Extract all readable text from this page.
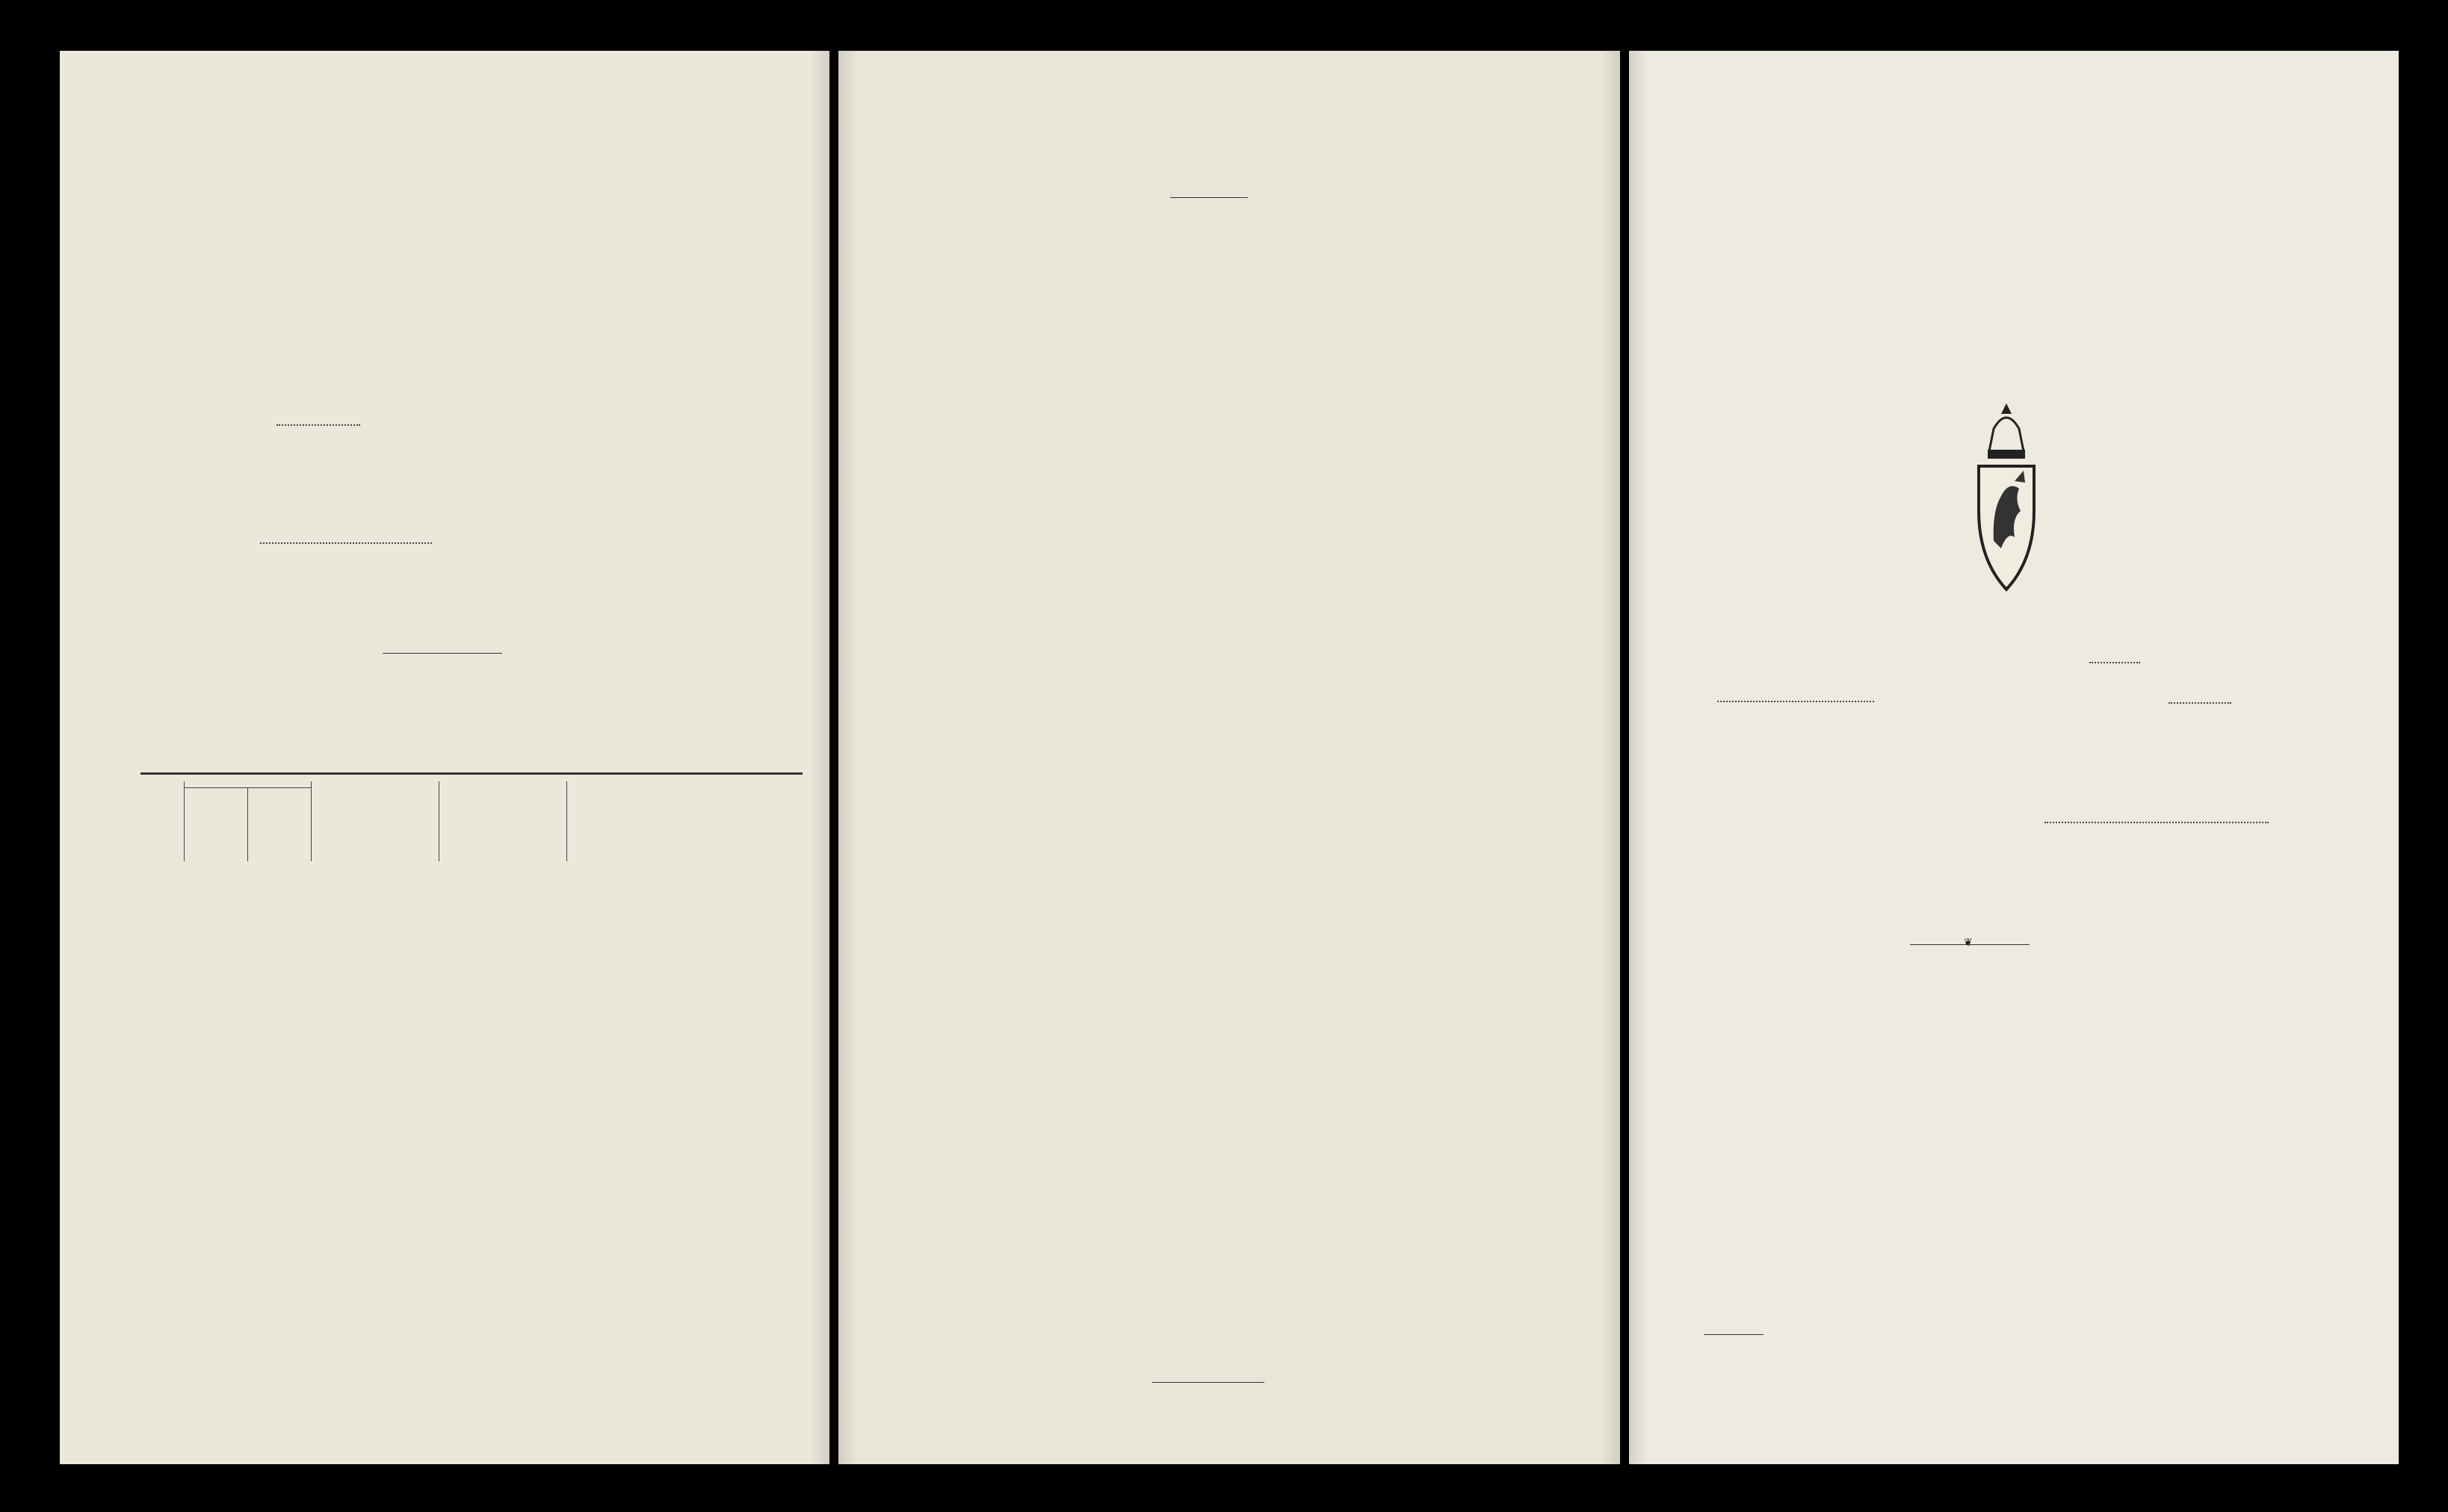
❦
